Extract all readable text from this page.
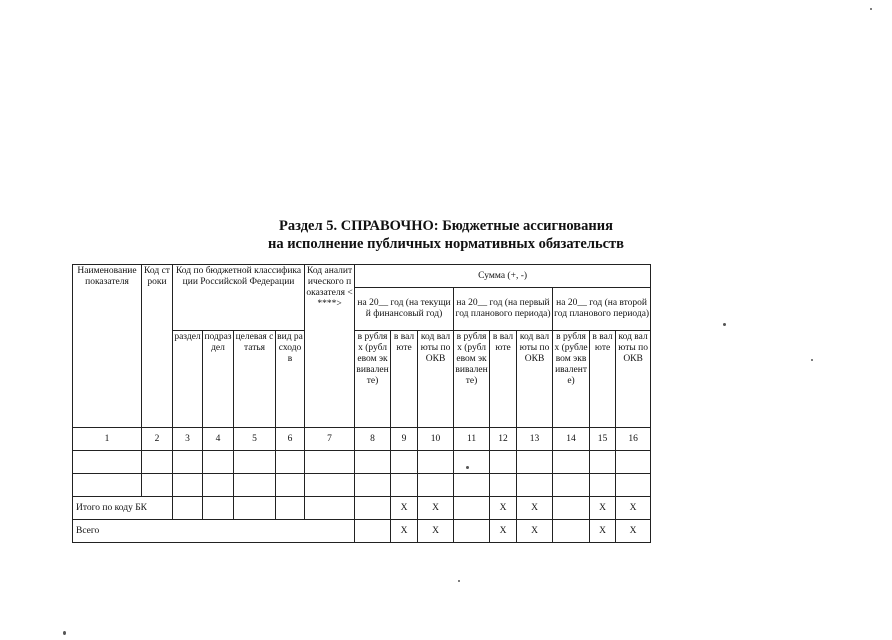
Раздел 5. СПРАВОЧНО: Бюджетные ассигнования
на исполнение публичных нормативных обязательств
Наименование показателя	Код строки	Код по бюджетной классификации Российской Федерации				Код аналитического показателя <****>	Сумма (+, -)								
							на 20__ год (на текущий финансовый год)			на 20__ год (на первый год планового периода)			на 20__ год (на второй год планового периода)		
		раздел	подраздел	целевая статья	вид расходов		в рублях (рублевом эквиваленте)	в валюте	код валюты по ОКВ	в рублях (рублевом эквиваленте)	в валюте	код валюты по ОКВ	в рублях (рублевом эквиваленте)	в валюте	код валюты по ОКВ
1	2	3	4	5	6	7	8	9	10	11	12	13	14	15	16

Итого по коду БК								X	X		X	X		X	X
Всего								X	X		X	X		X	X
